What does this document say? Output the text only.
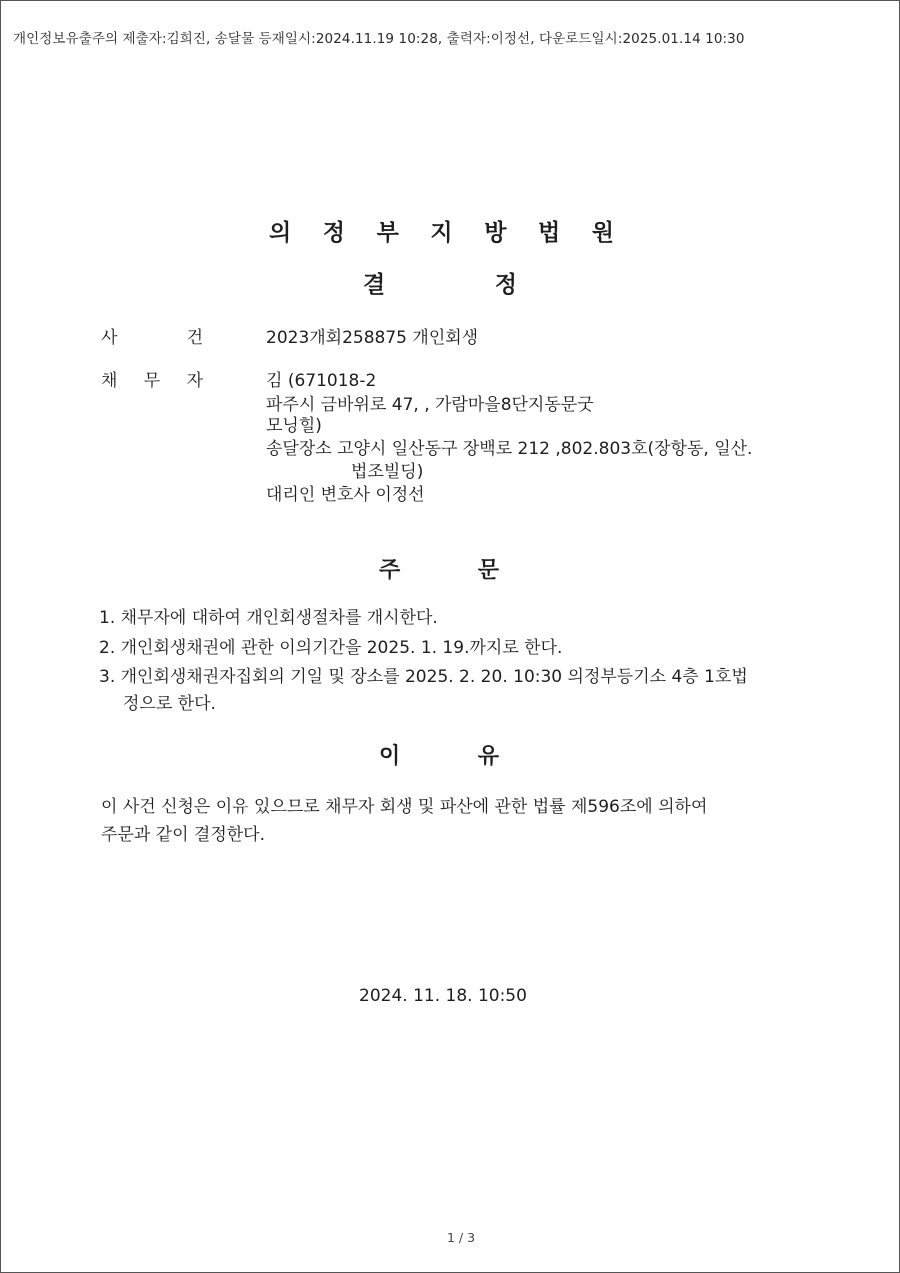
개인정보유출주의 제출자:김희진, 송달물 등재일시:2024.11.19 10:28, 출력자:이정선, 다운로드일시:2025.01.14 10:30
의 정 부 지 방 법 원
결	정
사	건	2023개회258875 개인회생
채 무 자	김 (671018-2
파주시 금바위로 47, , 가람마을8단지동문굿
모닝힐)
송달장소 고양시 일산동구 장백로 212 ,802.803호(장항동, 일산.
법조빌딩)
대리인 변호사 이정선
주	문
1. 채무자에 대하여 개인회생절차를 개시한다.
2. 개인회생채권에 관한 이의기간을 2025. 1. 19.까지로 한다.
3. 개인회생채권자집회의 기일 및 장소를 2025. 2. 20. 10:30 의정부등기소 4층 1호법
정으로 한다.
이	유
이 사건 신청은 이유 있으므로 채무자 회생 및 파산에 관한 법률 제596조에 의하여
주문과 같이 결정한다.
2024. 11. 18. 10:50
1 / 3
